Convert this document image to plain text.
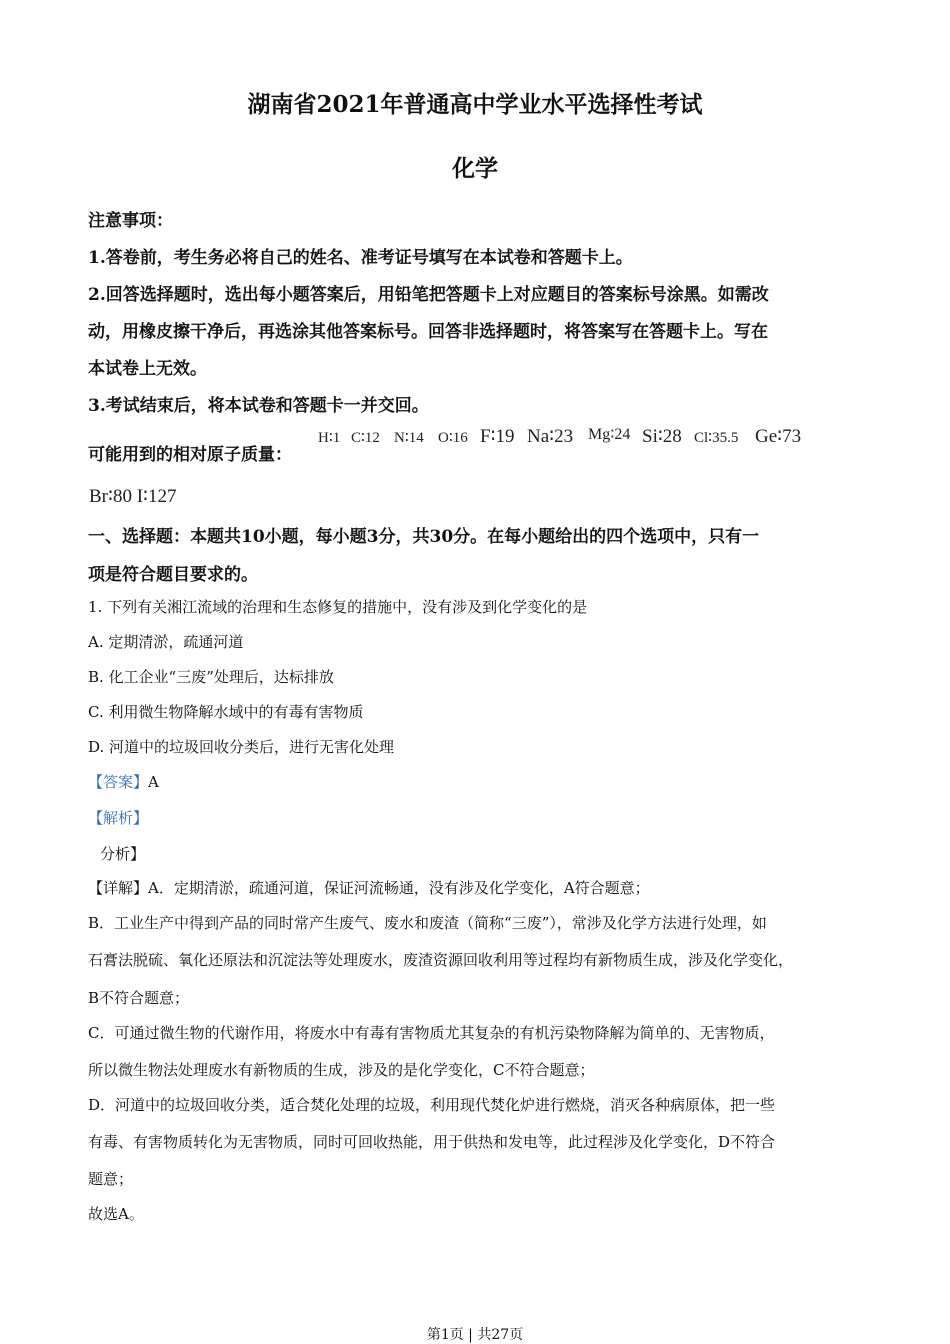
湖南省2021年普通高中学业水平选择性考试
化学
注意事项：
1.答卷前，考生务必将自己的姓名、准考证号填写在本试卷和答题卡上。
2.回答选择题时，选出每小题答案后，用铅笔把答题卡上对应题目的答案标号涂黑。如需改
动，用橡皮擦干净后，再选涂其他答案标号。回答非选择题时，将答案写在答题卡上。写在
本试卷上无效。
3.考试结束后，将本试卷和答题卡一并交回。
可能用到的相对原子质量：
H∶1 C∶12 N∶14 O∶16 F∶19 Na∶23 Mg∶24 Si∶28 Cl∶35.5 Ge∶73
Br∶80 I∶127
一、选择题：本题共10小题，每小题3分，共30分。在每小题给出的四个选项中，只有一
项是符合题目要求的。
1. 下列有关湘江流域的治理和生态修复的措施中，没有涉及到化学变化的是
A. 定期清淤，疏通河道
B. 化工企业“三废”处理后，达标排放
C. 利用微生物降解水域中的有毒有害物质
D. 河道中的垃圾回收分类后，进行无害化处理
【答案】A
【解析】
分析】
【详解】A．定期清淤，疏通河道，保证河流畅通，没有涉及化学变化，A符合题意；
B．工业生产中得到产品的同时常产生废气、废水和废渣（简称“三废”），常涉及化学方法进行处理，如
石膏法脱硫、氧化还原法和沉淀法等处理废水，废渣资源回收利用等过程均有新物质生成，涉及化学变化，
B不符合题意；
C．可通过微生物的代谢作用，将废水中有毒有害物质尤其复杂的有机污染物降解为简单的、无害物质，
所以微生物法处理废水有新物质的生成，涉及的是化学变化，C不符合题意；
D．河道中的垃圾回收分类，适合焚化处理的垃圾，利用现代焚化炉进行燃烧，消灭各种病原体，把一些
有毒、有害物质转化为无害物质，同时可回收热能，用于供热和发电等，此过程涉及化学变化，D不符合
题意；
故选A。
第1页 | 共27页
